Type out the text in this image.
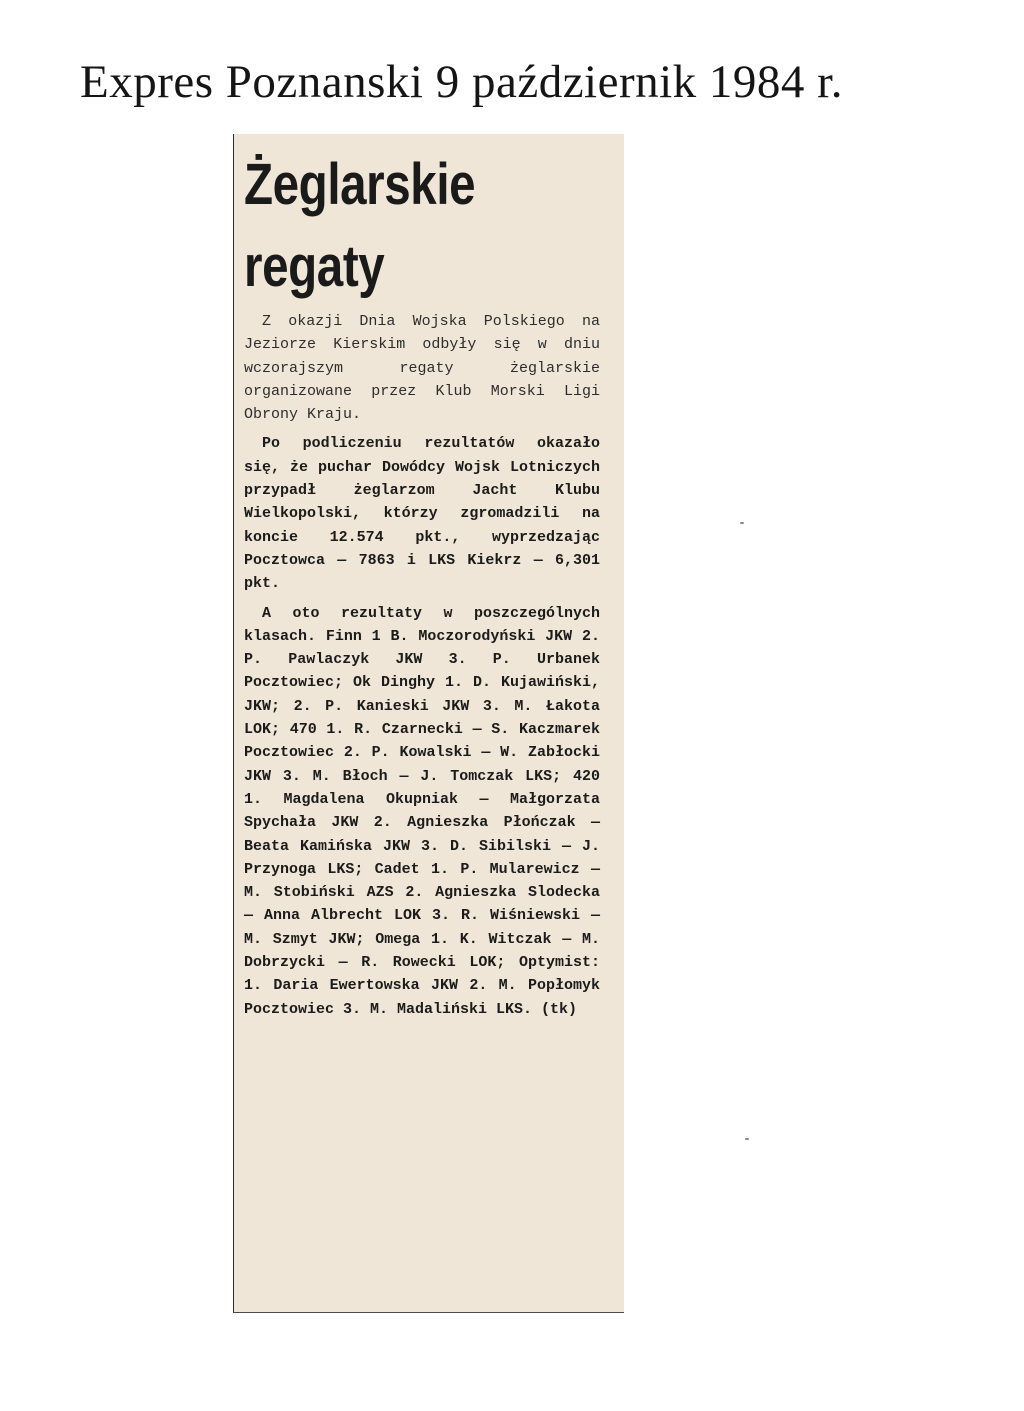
Expres Poznanski 9 październik 1984 r.
Żeglarskie
regaty

Z okazji Dnia Wojska Polskiego na Jeziorze Kierskim odbyły się w dniu wczorajszym regaty żeglarskie organizowane przez Klub Morski Ligi Obrony Kraju.

Po podliczeniu rezultatów okazało się, że puchar Dowódcy Wojsk Lotniczych przypadł żeglarzom Jacht Klubu Wielkopolski, którzy zgromadzili na koncie 12.574 pkt., wyprzedzając Pocztowca — 7863 i LKS Kiekrz — 6,301 pkt.

A oto rezultaty w poszczególnych klasach. Finn 1 B. Moczorodyński JKW 2. P. Pawlaczyk JKW 3. P. Urbanek Pocztowiec; Ok Dinghy 1. D. Kujawiński, JKW; 2. P. Kanieski JKW 3. M. Łakota LOK; 470 1. R. Czarnecki — S. Kaczmarek Pocztowiec 2. P. Kowalski — W. Zabłocki JKW 3. M. Błoch — J. Tomczak LKS; 420 1. Magdalena Okupniak — Małgorzata Spychała JKW 2. Agnieszka Płończak — Beata Kamińska JKW 3. D. Sibilski — J. Przynoga LKS; Cadet 1. P. Mularewicz — M. Stobiński AZS 2. Agnieszka Slodecka — Anna Albrecht LOK 3. R. Wiśniewski — M. Szmyt JKW; Omega 1. K. Witczak — M. Dobrzycki — R. Rowecki LOK; Optymist: 1. Daria Ewertowska JKW 2. M. Popłomyk Pocztowiec 3. M. Madaliński LKS. (tk)
